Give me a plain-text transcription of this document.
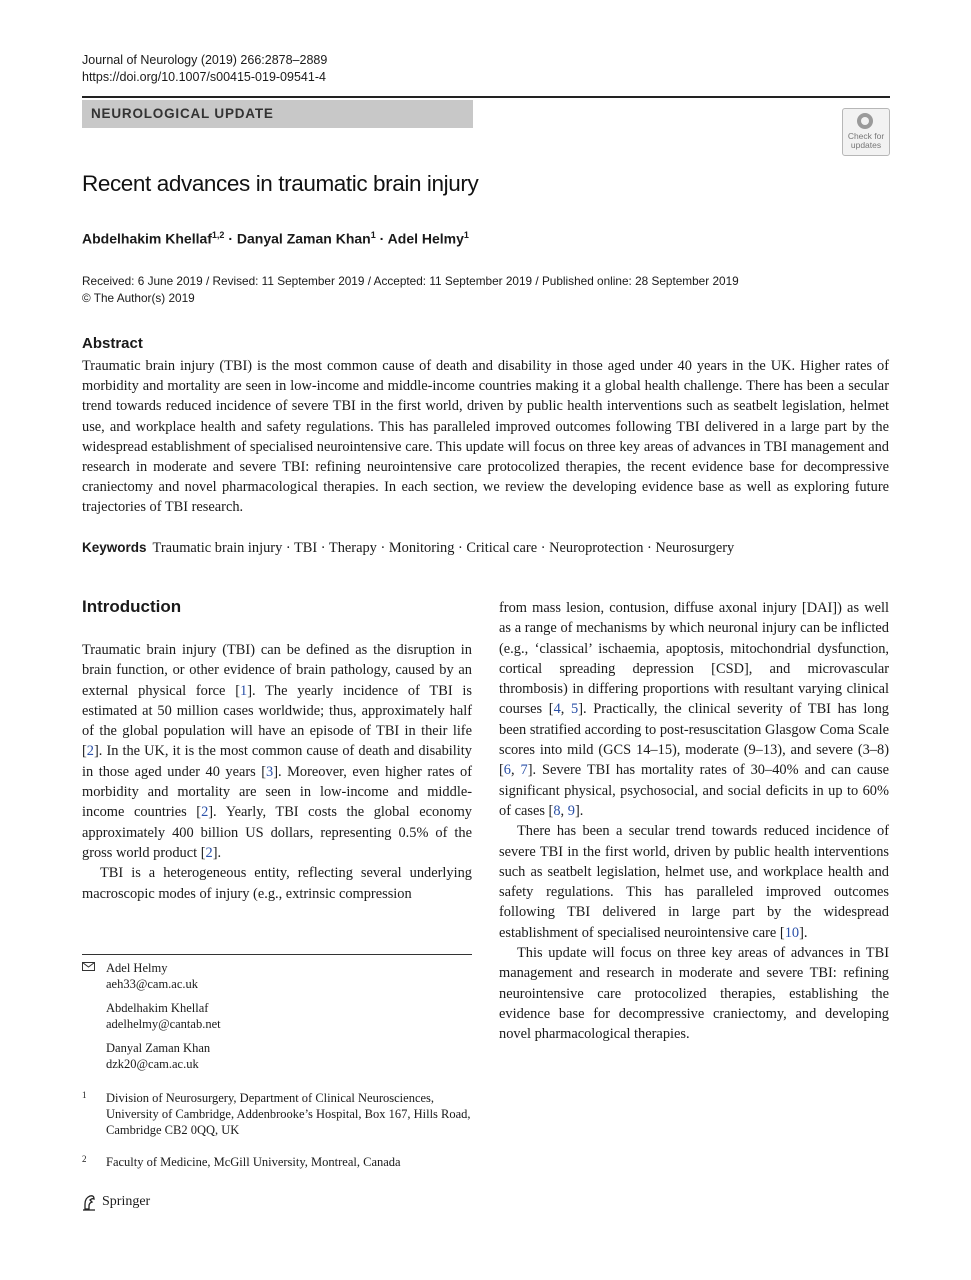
Journal of Neurology (2019) 266:2878–2889
https://doi.org/10.1007/s00415-019-09541-4
NEUROLOGICAL UPDATE
Check for updates
Recent advances in traumatic brain injury
Abdelhakim Khellaf$^{1,2}$ · Danyal Zaman Khan$^1$ · Adel Helmy$^1$
Received: 6 June 2019 / Revised: 11 September 2019 / Accepted: 11 September 2019 / Published online: 28 September 2019
© The Author(s) 2019
Abstract
Traumatic brain injury (TBI) is the most common cause of death and disability in those aged under 40 years in the UK. Higher rates of morbidity and mortality are seen in low-income and middle-income countries making it a global health challenge. There has been a secular trend towards reduced incidence of severe TBI in the first world, driven by public health interventions such as seatbelt legislation, helmet use, and workplace health and safety regulations. This has paralleled improved outcomes following TBI delivered in a large part by the widespread establishment of specialised neurointensive care. This update will focus on three key areas of advances in TBI management and research in moderate and severe TBI: refining neurointensive care protocolized therapies, the recent evidence base for decompressive craniectomy and novel pharmacological therapies. In each section, we review the developing evidence base as well as exploring future trajectories of TBI research.
Keywords Traumatic brain injury · TBI · Therapy · Monitoring · Critical care · Neuroprotection · Neurosurgery
Introduction

Traumatic brain injury (TBI) can be defined as the disruption in brain function, or other evidence of brain pathology, caused by an external physical force [1]. The yearly incidence of TBI is estimated at 50 million cases worldwide; thus, approximately half of the global population will have an episode of TBI in their life [2]. In the UK, it is the most common cause of death and disability in those aged under 40 years [3]. Moreover, even higher rates of morbidity and mortality are seen in low-income and middle-income countries [2]. Yearly, TBI costs the global economy approximately 400 billion US dollars, representing 0.5% of the gross world product [2].

TBI is a heterogeneous entity, reflecting several underlying macroscopic modes of injury (e.g., extrinsic compression

from mass lesion, contusion, diffuse axonal injury [DAI]) as well as a range of mechanisms by which neuronal injury can be inflicted (e.g., ‘classical’ ischaemia, apoptosis, mitochondrial dysfunction, cortical spreading depression [CSD], and microvascular thrombosis) in differing proportions with resultant varying clinical courses [4, 5]. Practically, the clinical severity of TBI has long been stratified according to post-resuscitation Glasgow Coma Scale scores into mild (GCS 14–15), moderate (9–13), and severe (3–8) [6, 7]. Severe TBI has mortality rates of 30–40% and can cause significant physical, psychosocial, and social deficits in up to 60% of cases [8, 9].

There has been a secular trend towards reduced incidence of severe TBI in the first world, driven by public health interventions such as seatbelt legislation, helmet use, and workplace health and safety regulations. This has paralleled improved outcomes following TBI delivered in large part by the widespread establishment of specialised neurointensive care [10].

This update will focus on three key areas of advances in TBI management and research in moderate and severe TBI: refining neurointensive care protocolized therapies, establishing the evidence base for decompressive craniectomy, and developing novel pharmacological therapies.

Adel Helmy
aeh33@cam.ac.uk
Abdelhakim Khellaf
adelhelmy@cantab.net
Danyal Zaman Khan
dzk20@cam.ac.uk
1 Division of Neurosurgery, Department of Clinical Neurosciences, University of Cambridge, Addenbrooke’s Hospital, Box 167, Hills Road, Cambridge CB2 0QQ, UK
2 Faculty of Medicine, McGill University, Montreal, Canada
Springer
